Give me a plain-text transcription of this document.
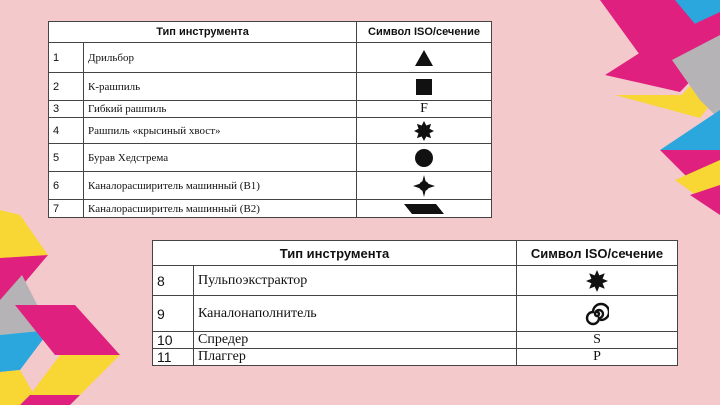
Тип инструмента		Символ ISO/сечение
1	Дрильбор	

2	К-рашпиль	

3	Гибкий рашпиль	F
4	Рашпиль «крысиный хвост»	

5	Бурав Хедстрема	

6	Каналорасширитель машинный (B1)	

7	Каналорасширитель машинный (B2)	
Тип инструмента		Символ ISO/сечение
8	Пульпоэкстрактор	

9	Каналонаполнитель	

10	Спредер	S
11	Плаггер	P
